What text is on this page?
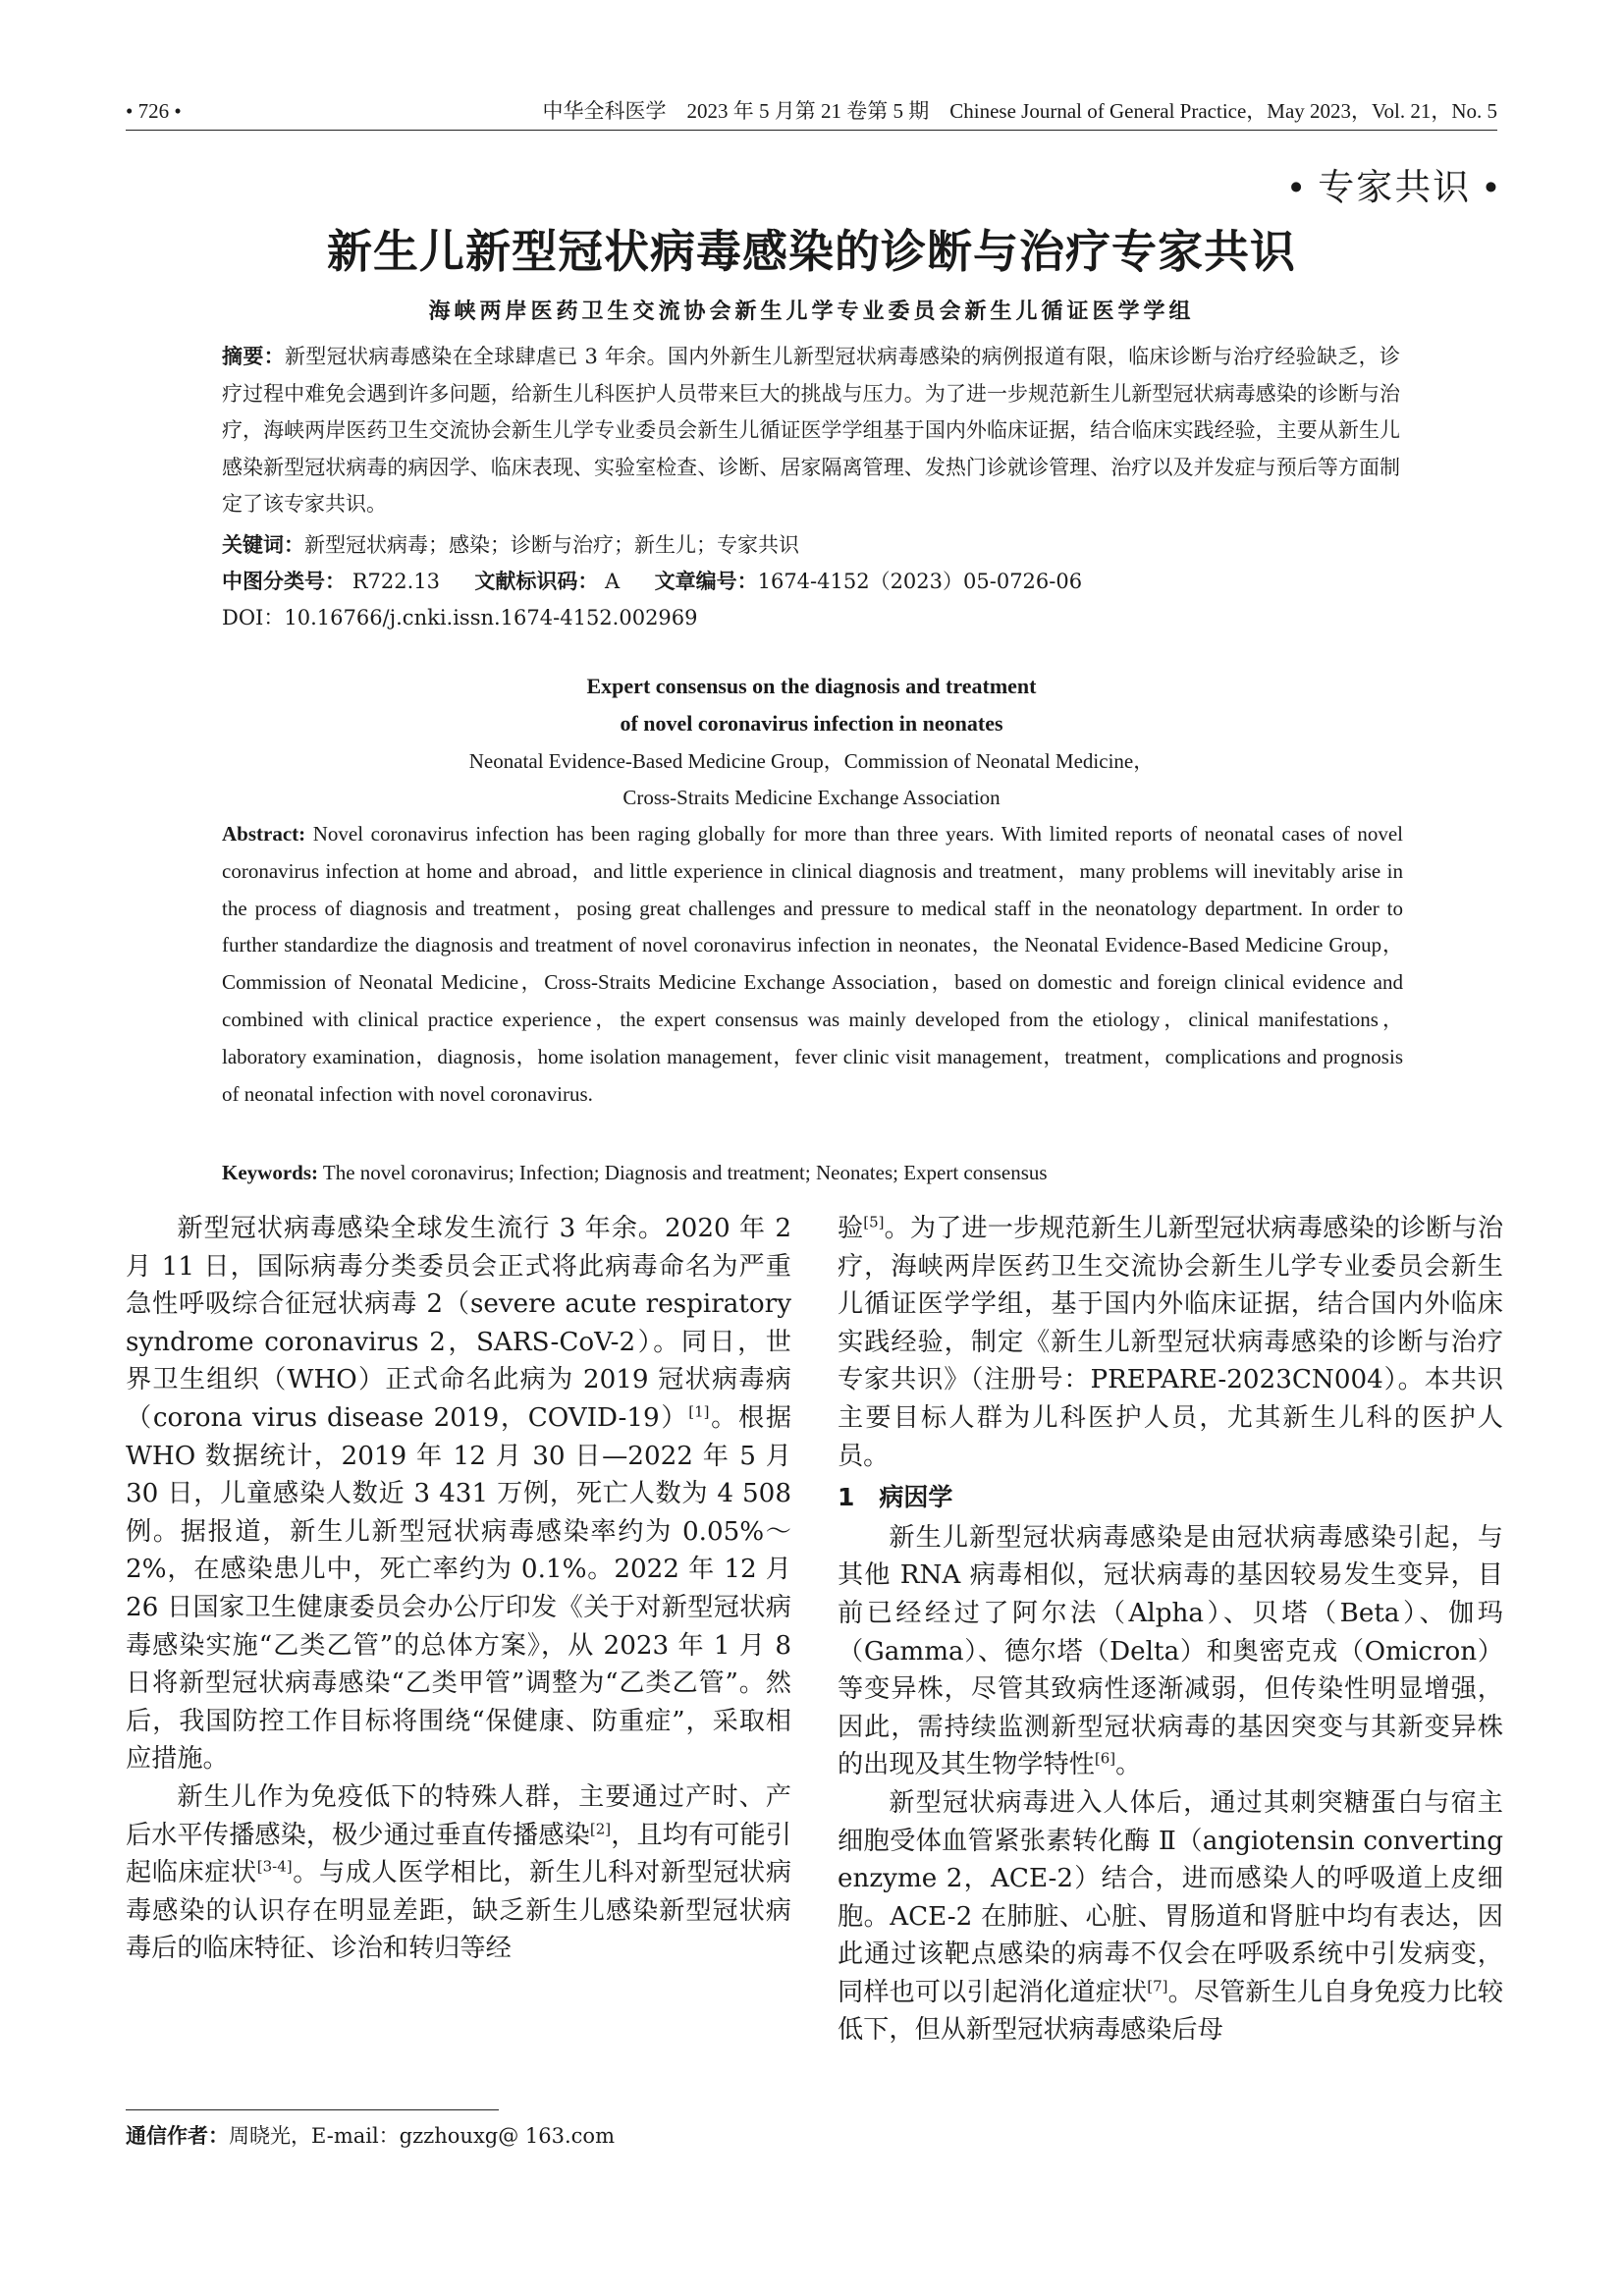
• 726 •	中华全科医学　2023 年 5 月第 21 卷第 5 期　Chinese Journal of General Practice，May 2023，Vol. 21，No. 5
• 专家共识 •
新生儿新型冠状病毒感染的诊断与治疗专家共识
海峡两岸医药卫生交流协会新生儿学专业委员会新生儿循证医学学组

摘要：新型冠状病毒感染在全球肆虐已 3 年余。国内外新生儿新型冠状病毒感染的病例报道有限，临床诊断与治疗经验缺乏，诊疗过程中难免会遇到许多问题，给新生儿科医护人员带来巨大的挑战与压力。为了进一步规范新生儿新型冠状病毒感染的诊断与治疗，海峡两岸医药卫生交流协会新生儿学专业委员会新生儿循证医学学组基于国内外临床证据，结合临床实践经验，主要从新生儿感染新型冠状病毒的病因学、临床表现、实验室检查、诊断、居家隔离管理、发热门诊就诊管理、治疗以及并发症与预后等方面制定了该专家共识。

关键词：新型冠状病毒；感染；诊断与治疗；新生儿；专家共识

中图分类号： R722.13 文献标识码： A 文章编号：1674-4152（2023）05-0726-06

DOI：10.16766/j.cnki.issn.1674-4152.002969

Expert consensus on the diagnosis and treatment
of novel coronavirus infection in neonates
Neonatal Evidence-Based Medicine Group，Commission of Neonatal Medicine，
Cross-Straits Medicine Exchange Association

Abstract: Novel coronavirus infection has been raging globally for more than three years. With limited reports of neonatal cases of novel coronavirus infection at home and abroad，and little experience in clinical diagnosis and treatment，many problems will inevitably arise in the process of diagnosis and treatment，posing great challenges and pressure to medical staff in the neonatology department. In order to further standardize the diagnosis and treatment of novel coronavirus infection in neonates，the Neonatal Evidence-Based Medicine Group，Commission of Neonatal Medicine，Cross-Straits Medicine Exchange Association，based on domestic and foreign clinical evidence and combined with clinical practice experience，the expert consensus was mainly developed from the etiology，clinical manifestations，laboratory examination，diagnosis，home isolation management，fever clinic visit management，treatment，complications and prognosis of neonatal infection with novel coronavirus.

Keywords: The novel coronavirus; Infection; Diagnosis and treatment; Neonates; Expert consensus

新型冠状病毒感染全球发生流行 3 年余。2020 年 2 月 11 日，国际病毒分类委员会正式将此病毒命名为严重急性呼吸综合征冠状病毒 2（severe acute respiratory syndrome coronavirus 2，SARS-CoV-2）。同日，世界卫生组织（WHO）正式命名此病为 2019 冠状病毒病（corona virus disease 2019，COVID-19）[1]。根据 WHO 数据统计，2019 年 12 月 30 日—2022 年 5 月 30 日，儿童感染人数近 3 431 万例，死亡人数为 4 508 例。据报道，新生儿新型冠状病毒感染率约为 0.05%～2%，在感染患儿中，死亡率约为 0.1%。2022 年 12 月 26 日国家卫生健康委员会办公厅印发《关于对新型冠状病毒感染实施“乙类乙管”的总体方案》，从 2023 年 1 月 8 日将新型冠状病毒感染“乙类甲管”调整为“乙类乙管”。然后，我国防控工作目标将围绕“保健康、防重症”，采取相应措施。

新生儿作为免疫低下的特殊人群，主要通过产时、产后水平传播感染，极少通过垂直传播感染[2]，且均有可能引起临床症状[3-4]。与成人医学相比，新生儿科对新型冠状病毒感染的认识存在明显差距，缺乏新生儿感染新型冠状病毒后的临床特征、诊治和转归等经

验[5]。为了进一步规范新生儿新型冠状病毒感染的诊断与治疗，海峡两岸医药卫生交流协会新生儿学专业委员会新生儿循证医学学组，基于国内外临床证据，结合国内外临床实践经验，制定《新生儿新型冠状病毒感染的诊断与治疗专家共识》（注册号：PREPARE-2023CN004）。本共识主要目标人群为儿科医护人员，尤其新生儿科的医护人员。

1　病因学

新生儿新型冠状病毒感染是由冠状病毒感染引起，与其他 RNA 病毒相似，冠状病毒的基因较易发生变异，目前已经经过了阿尔法（Alpha）、贝塔（Beta）、伽玛（Gamma）、德尔塔（Delta）和奥密克戎（Omicron）等变异株，尽管其致病性逐渐减弱，但传染性明显增强，因此，需持续监测新型冠状病毒的基因突变与其新变异株的出现及其生物学特性[6]。

新型冠状病毒进入人体后，通过其刺突糖蛋白与宿主细胞受体血管紧张素转化酶 Ⅱ（angiotensin converting enzyme 2，ACE-2）结合，进而感染人的呼吸道上皮细胞。ACE-2 在肺脏、心脏、胃肠道和肾脏中均有表达，因此通过该靶点感染的病毒不仅会在呼吸系统中引发病变，同样也可以引起消化道症状[7]。尽管新生儿自身免疫力比较低下，但从新型冠状病毒感染后母

通信作者：周晓光，E-mail：gzzhouxg@ 163.com
